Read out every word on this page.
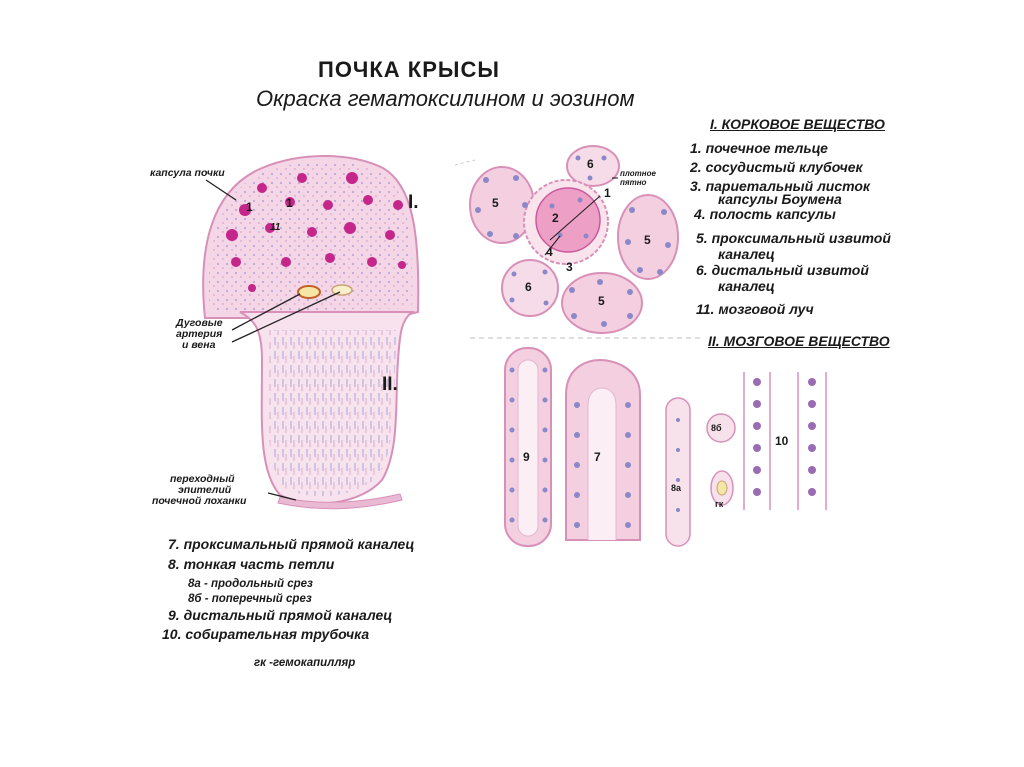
ПОЧКА КРЫСЫ
Окраска гематоксилином и эозином
I. КОРКОВОЕ ВЕЩЕСТВО
1. почечное тельце
2. сосудистый клубочек
3. париетальный листок
капсулы Боумена
4. полость капсулы
5. проксимальный извитой
каналец
6. дистальный извитой
каналец
11. мозговой луч
II. МОЗГОВОЕ ВЕЩЕСТВО
7. проксимальный прямой каналец
8. тонкая часть петли
8а - продольный срез
8б - поперечный срез
9. дистальный прямой каналец
10. собирательная трубочка
гк -гемокапилляр
капсула почки
Дуговые
артерия
и вена
переходный
эпителий
почечной лоханки
I.
II.
1	1
11
плотное
пятно
5
6
2
1
4
3
5
6
5
9	7
8а
8б
гк
10
